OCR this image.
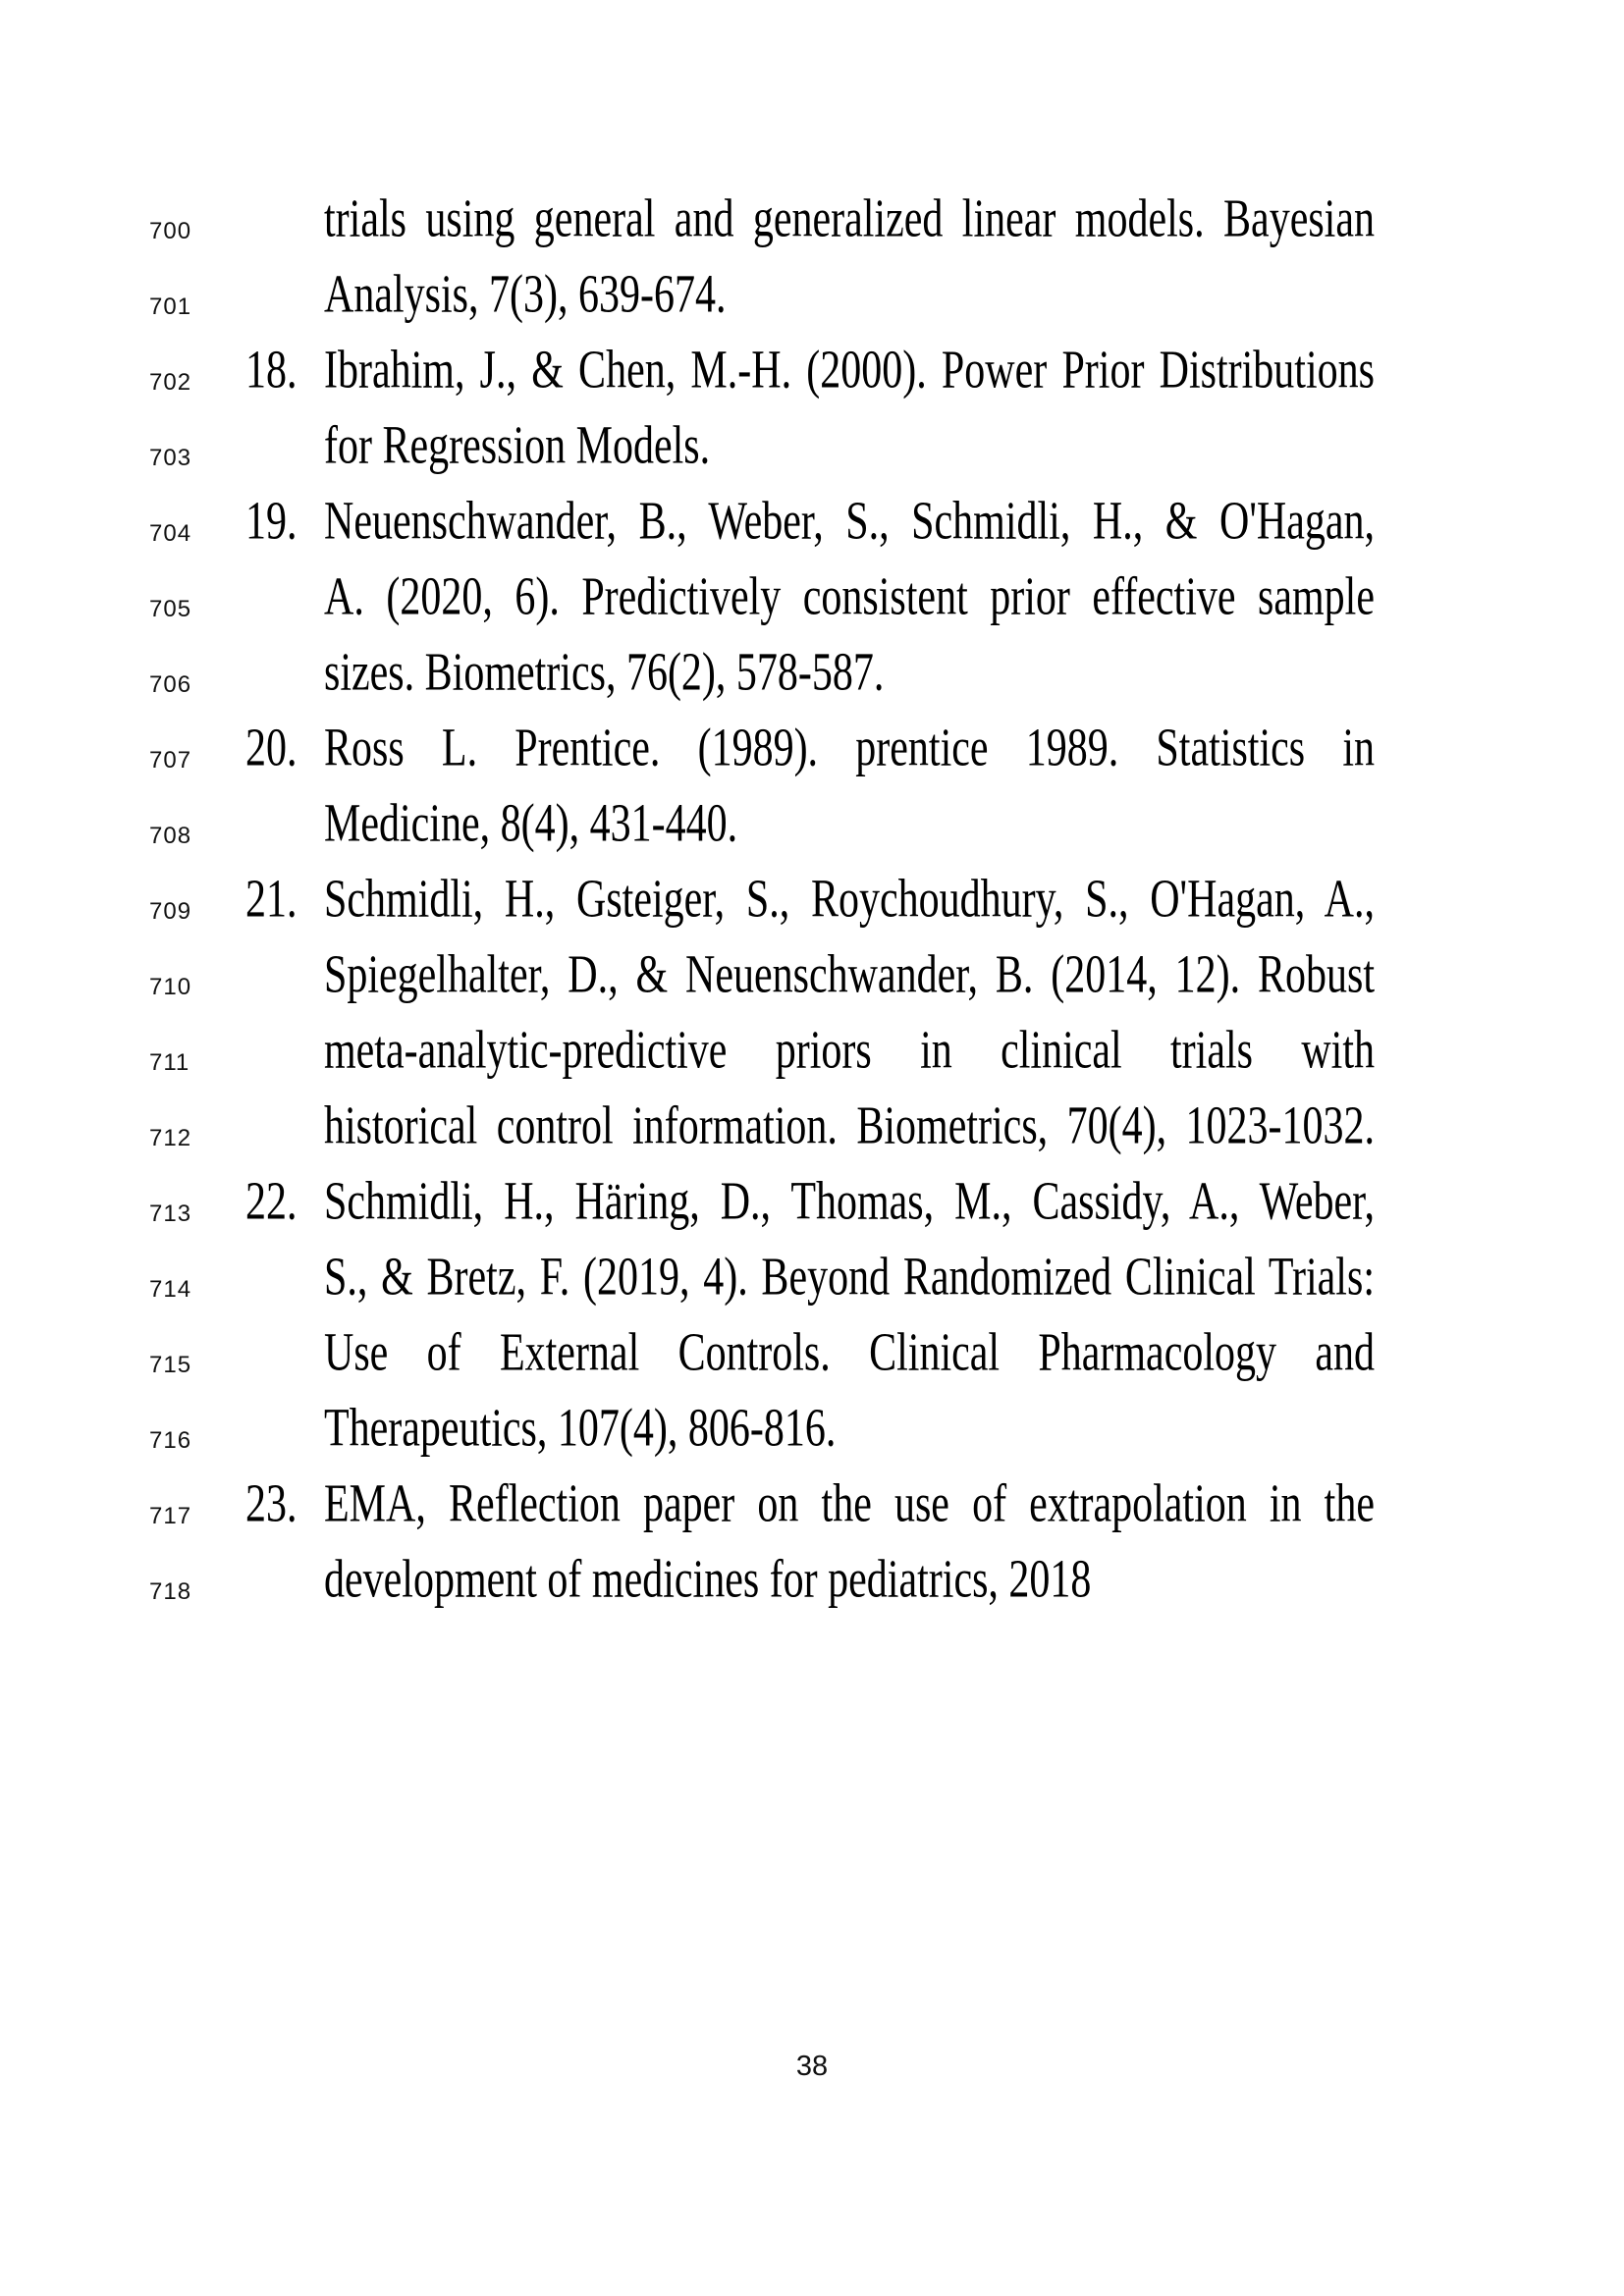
700	trials using general and generalized linear models. Bayesian
701	Analysis, 7(3), 639-674.
702	18. Ibrahim, J., & Chen, M.-H. (2000). Power Prior Distributions
703	for Regression Models.
704	19. Neuenschwander, B., Weber, S., Schmidli, H., & O'Hagan,
705	A. (2020, 6). Predictively consistent prior effective sample
706	sizes. Biometrics, 76(2), 578-587.
707	20. Ross L. Prentice. (1989). prentice 1989. Statistics in
708	Medicine, 8(4), 431-440.
709	21. Schmidli, H., Gsteiger, S., Roychoudhury, S., O'Hagan, A.,
710	Spiegelhalter, D., & Neuenschwander, B. (2014, 12). Robust
711	meta-analytic-predictive priors in clinical trials with
712	historical control information. Biometrics, 70(4), 1023-1032.
713	22. Schmidli, H., Häring, D., Thomas, M., Cassidy, A., Weber,
714	S., & Bretz, F. (2019, 4). Beyond Randomized Clinical Trials:
715	Use of External Controls. Clinical Pharmacology and
716	Therapeutics, 107(4), 806-816.
717	23. EMA, Reflection paper on the use of extrapolation in the
718	development of medicines for pediatrics, 2018
38
